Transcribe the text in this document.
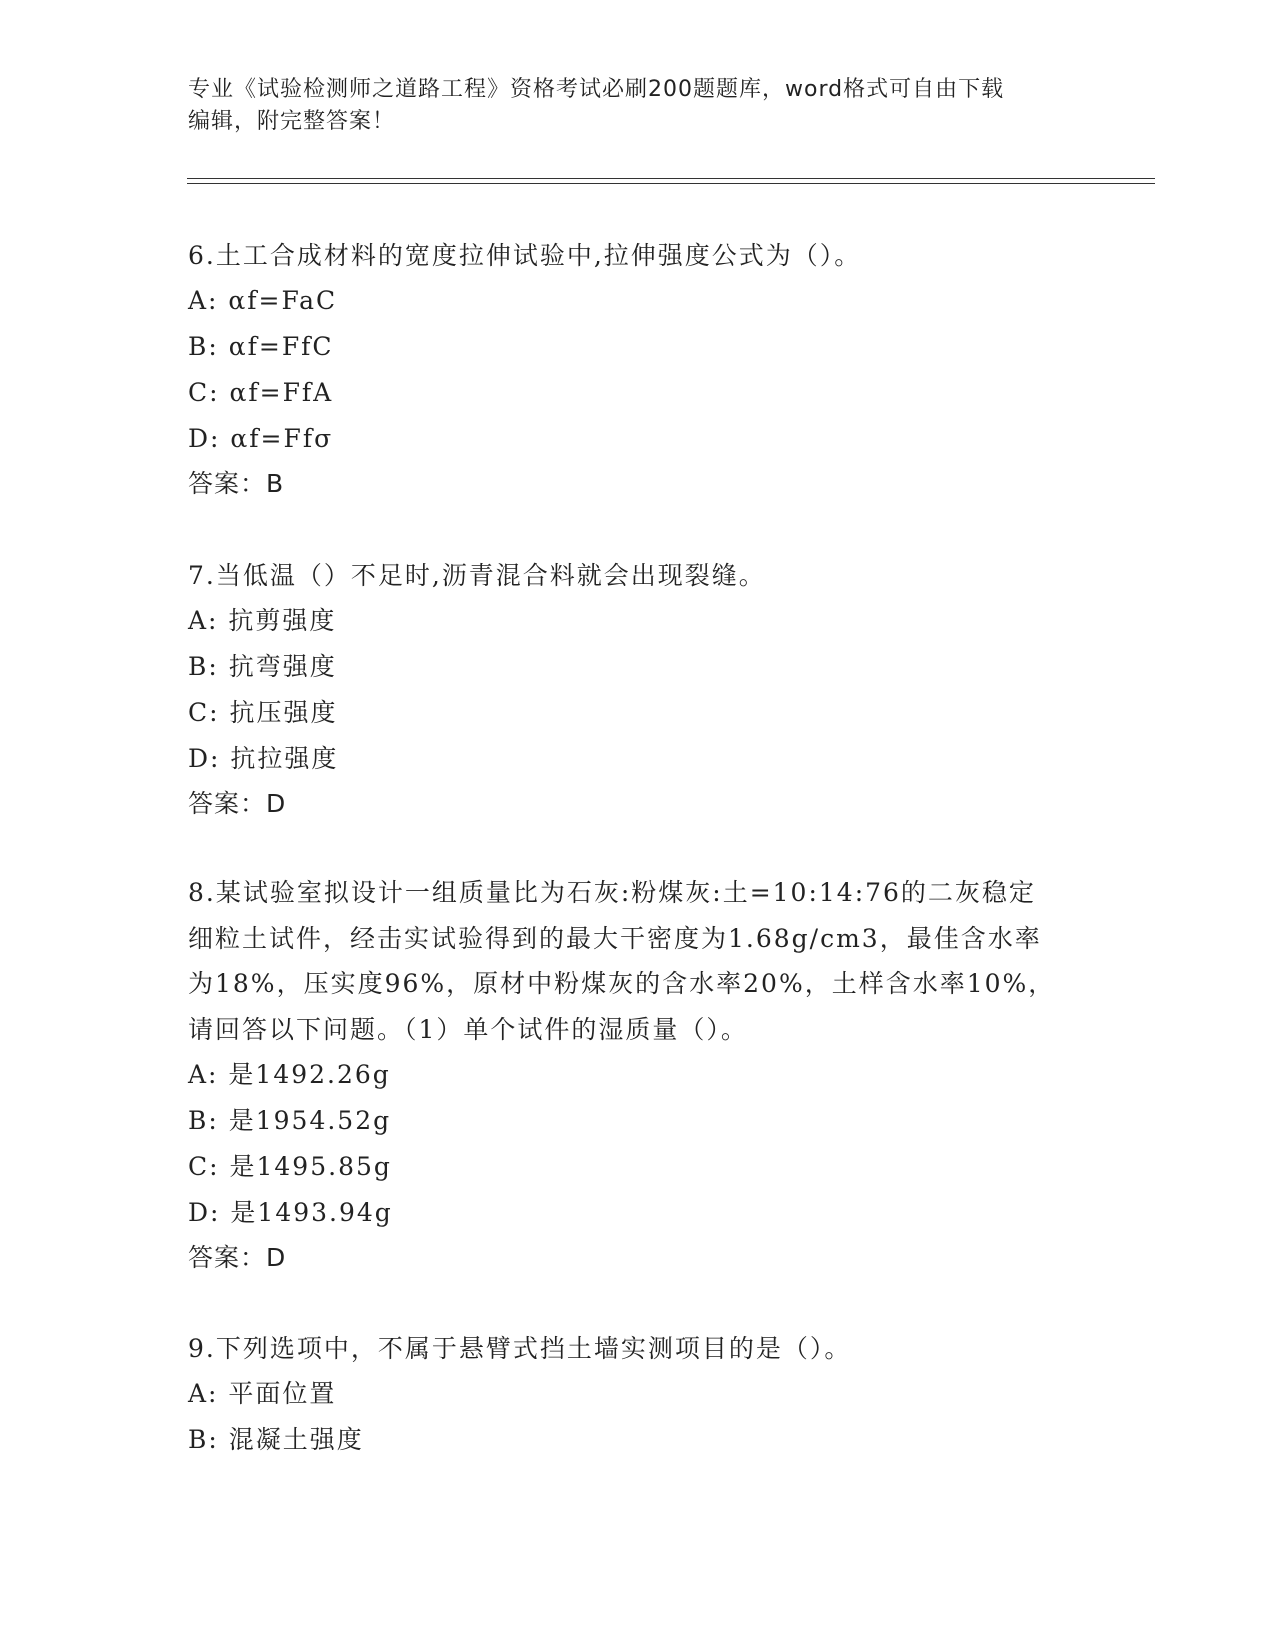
专业《试验检测师之道路工程》资格考试必刷200题题库，word格式可自由下载
编辑，附完整答案！
6.土工合成材料的宽度拉伸试验中,拉伸强度公式为（）。
A: αf=FaC
B: αf=FfC
C: αf=FfA
D: αf=Ffσ
答案：B
7.当低温（）不足时,沥青混合料就会出现裂缝。
A: 抗剪强度
B: 抗弯强度
C: 抗压强度
D: 抗拉强度
答案：D
8.某试验室拟设计一组质量比为石灰:粉煤灰:土=10:14:76的二灰稳定
细粒土试件，经击实试验得到的最大干密度为1.68g/cm3，最佳含水率
为18%，压实度96%，原材中粉煤灰的含水率20%，土样含水率10%，
请回答以下问题。（1）单个试件的湿质量（）。
A: 是1492.26g
B: 是1954.52g
C: 是1495.85g
D: 是1493.94g
答案：D
9.下列选项中，不属于悬臂式挡土墙实测项目的是（）。
A: 平面位置
B: 混凝土强度
